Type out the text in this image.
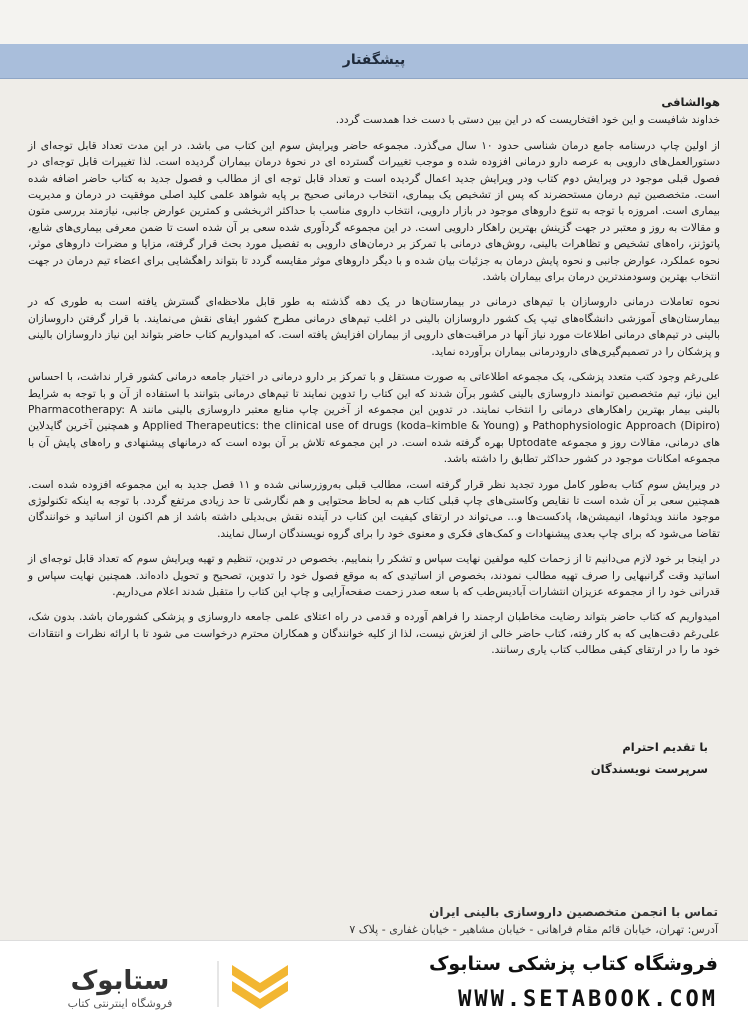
پیشگفتار
هوالشافی

خداوند شافیست و این خود افتخاریست که در این بین دستی با دست خدا همدست گردد.

از اولین چاپ درسنامه جامع درمان شناسی حدود ۱۰ سال می‌گذرد. مجموعه حاضر ویرایش سوم این کتاب می باشد. در این مدت تعداد قابل توجه‌ای از دستورالعمل‌های دارویی به عرصه دارو درمانی افزوده شده و موجب تغییرات گسترده ای در نحوهٔ درمان بیماران گردیده است. لذا تغییرات قابل توجه‌ای در فصول قبلی موجود در ویرایش دوم کتاب ودر ویرایش جدید اعمال گردیده است و تعداد قابل توجه ای از مطالب و فصول جدید به کتاب حاضر اضافه شده است. متخصصین تیم درمان مستحضرند که پس از تشخیص یک بیماری، انتخاب درمانی صحیح بر پایه شواهد علمی کلید اصلی موفقیت در درمان و مدیریت بیماری است. امروزه با توجه به تنوع داروهای موجود در بازار دارویی، انتخاب داروی مناسب با حداکثر اثربخشی و کمترین عوارض جانبی، نیازمند بررسی متون و مقالات به روز و معتبر در جهت گزینش بهترین راهکار دارویی است. در این مجموعه گردآوری شده سعی بر آن شده است تا ضمن معرفی بیماری‌های شایع، پاتوژنز، راه‌های تشخیص و تظاهرات بالینی، روش‌های درمانی با تمرکز بر درمان‌های دارویی به تفصیل مورد بحث قرار گرفته، مزایا و مضرات داروهای موثر، نحوه عملکرد، عوارض جانبی و نحوه پایش درمان به جزئیات بیان شده و با دیگر داروهای موثر مقایسه گردد تا بتواند راهگشایی برای اعضاء تیم درمان در جهت انتخاب بهترین وسودمندترین درمان برای بیماران باشد.

نحوه تعاملات درمانی داروسازان با تیم‌های درمانی در بیمارستان‌ها در یک دهه گذشته به طور قابل ملاحظه‌ای گسترش یافته است به طوری که در بیمارستان‌های آموزشی دانشگاه‌های تیپ یک کشور داروسازان بالینی در اغلب تیم‌های درمانی مطرح کشور ایفای نقش می‌نمایند. با قرار گرفتن داروسازان بالینی در تیم‌های درمانی اطلاعات مورد نیاز آنها در مراقبت‌های دارویی از بیماران افزایش یافته است. که امیدواریم کتاب حاضر بتواند این نیاز داروسازان بالینی و پزشکان را در تصمیم‌گیری‌های دارودرمانی بیماران برآورده نماید.

علی‌رغم وجود کتب متعدد پزشکی، یک مجموعه اطلاعاتی به صورت مستقل و با تمرکز بر دارو درمانی در اختیار جامعه درمانی کشور قرار نداشت، با احساس این نیاز، تیم متخصصین توانمند داروسازی بالینی کشور برآن شدند که این کتاب را تدوین نمایند تا تیم‌های درمانی بتوانند با استفاده از آن و با توجه به شرایط بالینی بیمار بهترین راهکارهای درمانی را انتخاب نمایند. در تدوین این مجموعه از آخرین چاپ منابع معتبر داروسازی بالینی مانند Pharmacotherapy: A Pathophysiologic Approach (Dipiro) و Applied Therapeutics: the clinical use of drugs (koda–kimble & Young) و همچنین آخرین گایدلاین های درمانی، مقالات روز و مجموعه Uptodate بهره گرفته شده است. در این مجموعه تلاش بر آن بوده است که درمانهای پیشنهادی و راه‌های پایش آن با مجموعه امکانات موجود در کشور حداکثر تطابق را داشته باشد.

در ویرایش سوم کتاب به‌طور کامل مورد تجدید نظر قرار گرفته است، مطالب قبلی به‌روزرسانی شده و ۱۱ فصل جدید به این مجموعه افزوده شده است. همچنین سعی بر آن شده است تا نقایص وکاستی‌های چاپ قبلی کتاب هم به لحاظ محتوایی و هم نگارشی تا حد زیادی مرتفع گردد. با توجه به اینکه تکنولوژی موجود مانند ویدئوها، انیمیشن‌ها، پادکست‌ها و... می‌تواند در ارتقای کیفیت این کتاب در آینده نقش بی‌بدیلی داشته باشد از هم اکنون از اساتید و خوانندگان تقاضا می‌شود که برای چاپ بعدی پیشنهادات و کمک‌های فکری و معنوی خود را برای گروه نویسندگان ارسال نمایند.

در اینجا بر خود لازم می‌دانیم تا از زحمات کلیه مولفین نهایت سپاس و تشکر را بنماییم. بخصوص در تدوین، تنظیم و تهیه ویرایش سوم که تعداد قابل توجه‌ای از اساتید وقت گرانبهایی را صرف تهیه مطالب نمودند، بخصوص از اساتیدی که به موقع فصول خود را تدوین، تصحیح و تحویل داده‌اند. همچنین نهایت سپاس و قدرانی خود را از مجموعه عزیزان انتشارات آبادیس‌طب که با سعه صدر زحمت صفحه‌آرایی و چاپ این کتاب را متقبل شدند اعلام می‌داریم.

امیدواریم که کتاب حاضر بتواند رضایت مخاطبان ارجمند را فراهم آورده و قدمی در راه اعتلای علمی جامعه داروسازی و پزشکی کشورمان باشد. بدون شک، علی‌رغم دقت‌هایی که به کار رفته، کتاب حاضر خالی از لغزش نیست، لذا از کلیه خوانندگان و همکاران محترم درخواست می شود تا با ارائه نظرات و انتقادات خود ما را در ارتقای کیفی مطالب کتاب یاری رسانند.

با تقدیم احترام
سرپرست نویسندگان
تماس با انجمن متخصصین داروسازی بالینی ایران
آدرس: تهران، خیابان قائم مقام فراهانی - خیابان مشاهیر - خیابان غفاری - پلاک ۷
ستابوک
فروشگاه اینترنتی کتاب
فروشگاه کتاب پزشکی ستابوک
WWW.SETABOOK.COM
